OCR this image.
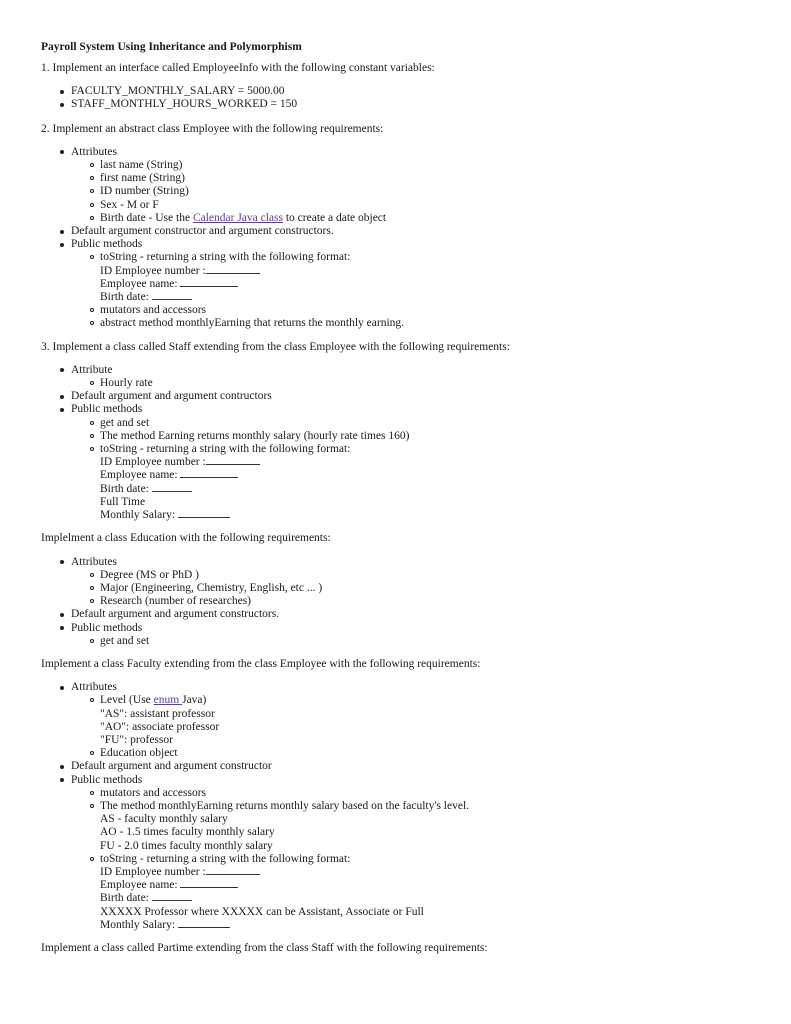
Payroll System Using Inheritance and Polymorphism

1. Implement an interface called EmployeeInfo with the following constant variables:

FACULTY_MONTHLY_SALARY = 5000.00
STAFF_MONTHLY_HOURS_WORKED = 150

2. Implement an abstract class Employee with the following requirements:

Attributes
last name (String)
first name (String)
ID number (String)
Sex - M or F
Birth date - Use the Calendar Java class to create a date object
Default argument constructor and argument constructors.
Public methods
toString - returning a string with the following format:
ID Employee number :
Employee name:
Birth date:
mutators and accessors
abstract method monthlyEarning that returns the monthly earning.

3. Implement a class called Staff extending from the class Employee with the following requirements:

Attribute
Hourly rate
Default argument and argument contructors
Public methods
get and set
The method Earning returns monthly salary (hourly rate times 160)
toString - returning a string with the following format:
ID Employee number :
Employee name:
Birth date:
Full Time
Monthly Salary:

Implelment a class Education with the following requirements:

Attributes
Degree (MS or PhD )
Major (Engineering, Chemistry, English, etc ... )
Research (number of researches)
Default argument and argument constructors.
Public methods
get and set

Implement a class Faculty extending from the class Employee with the following requirements:

Attributes
Level (Use enum Java)
"AS": assistant professor
"AO": associate professor
"FU": professor
Education object
Default argument and argument constructor
Public methods
mutators and accessors
The method monthlyEarning returns monthly salary based on the faculty's level.
AS - faculty monthly salary
AO - 1.5 times faculty monthly salary
FU - 2.0 times faculty monthly salary
toString - returning a string with the following format:
ID Employee number :
Employee name:
Birth date:
XXXXX Professor where XXXXX can be Assistant, Associate or Full
Monthly Salary:

Implement a class called Partime extending from the class Staff with the following requirements:
